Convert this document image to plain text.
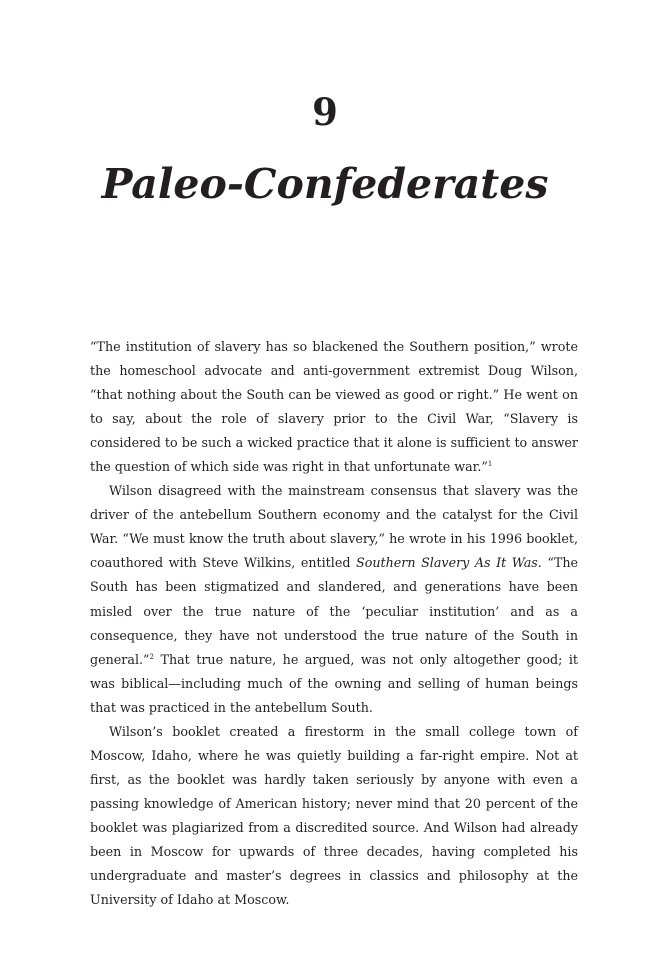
9
Paleo-Confederates

“The institution of slavery has so blackened the Southern position,” wrote the homeschool advocate and anti-government extremist Doug Wilson, “that nothing about the South can be viewed as good or right.” He went on to say, about the role of slavery prior to the Civil War, “Slavery is considered to be such a wicked practice that it alone is sufficient to answer the question of which side was right in that unfortunate war.”$^1$

Wilson disagreed with the mainstream consensus that slavery was the driver of the antebellum Southern economy and the catalyst for the Civil War. “We must know the truth about slavery,” he wrote in his 1996 booklet, coauthored with Steve Wilkins, entitled Southern Slavery As It Was. “The South has been stigmatized and slandered, and generations have been misled over the true nature of the ‘peculiar institution’ and as a consequence, they have not understood the true nature of the South in general.”$^2$ That true nature, he argued, was not only altogether good; it was biblical—including much of the owning and selling of human beings that was practiced in the antebellum South.

Wilson’s booklet created a firestorm in the small college town of Moscow, Idaho, where he was quietly building a far-right empire. Not at first, as the booklet was hardly taken seriously by anyone with even a passing knowledge of American history; never mind that 20 percent of the booklet was plagiarized from a discredited source. And Wilson had already been in Moscow for upwards of three decades, having completed his undergraduate and master’s degrees in classics and philosophy at the University of Idaho at Moscow.
